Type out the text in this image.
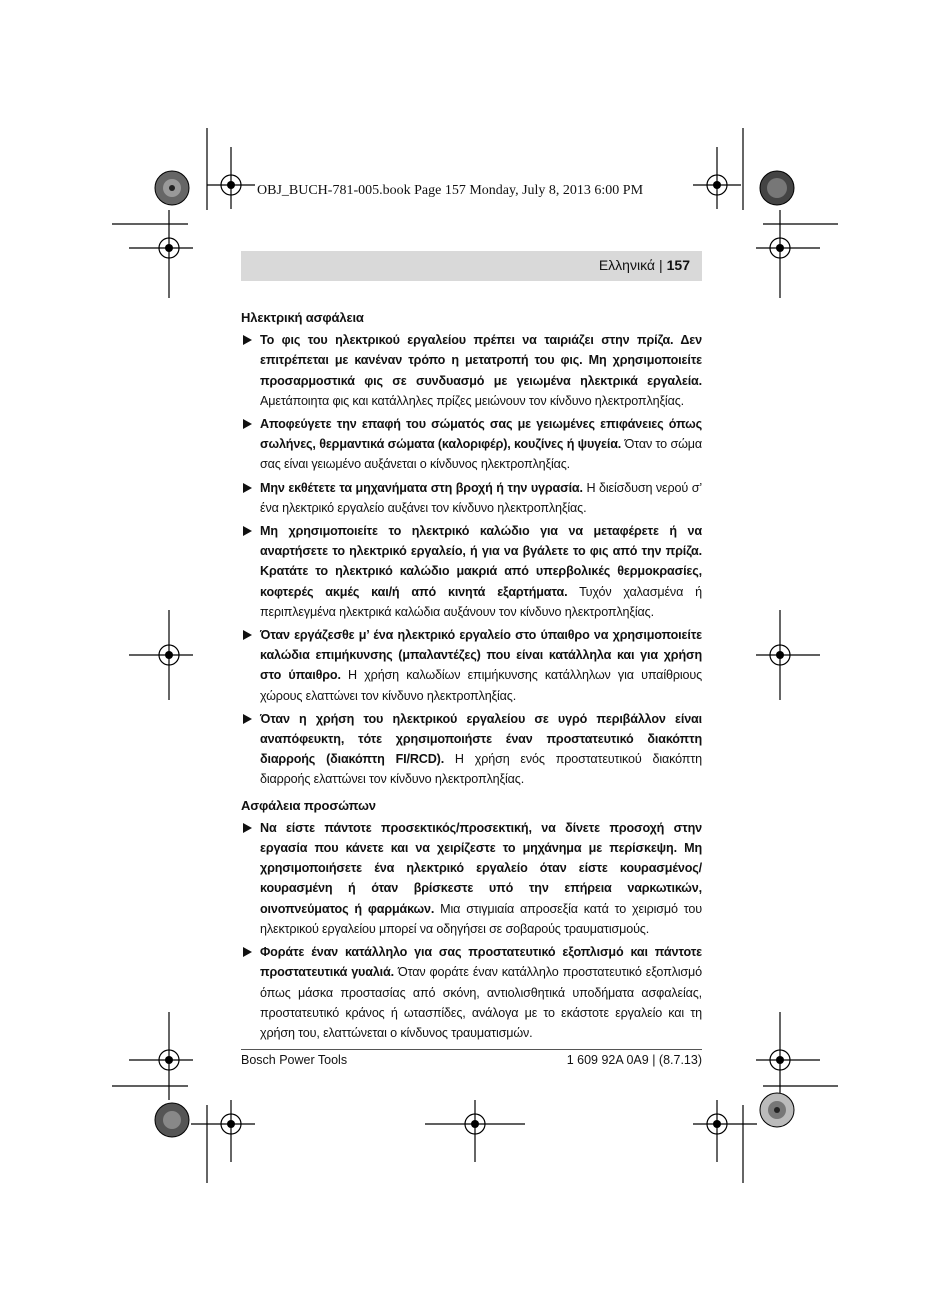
OBJ_BUCH-781-005.book Page 157 Monday, July 8, 2013 6:00 PM
Ελληνικά | 157
Ηλεκτρική ασφάλεια
Το φις του ηλεκτρικού εργαλείου πρέπει να ταιριάζει στην πρίζα. Δεν επιτρέπεται με κανέναν τρόπο η μετατροπή του φις. Μη χρησιμοποιείτε προσαρμοστικά φις σε συνδυασμό με γειωμένα ηλεκτρικά εργαλεία. Αμετάποιητα φις και κατάλληλες πρίζες μειώνουν τον κίνδυνο ηλεκτροπληξίας.
Αποφεύγετε την επαφή του σώματός σας με γειωμένες επιφάνειες όπως σωλήνες, θερμαντικά σώματα (καλοριφέρ), κουζίνες ή ψυγεία. Όταν το σώμα σας είναι γειωμένο αυξάνεται ο κίνδυνος ηλεκτροπληξίας.
Μην εκθέτετε τα μηχανήματα στη βροχή ή την υγρασία. Η διείσδυση νερού σ’ ένα ηλεκτρικό εργαλείο αυξάνει τον κίνδυνο ηλεκτροπληξίας.
Μη χρησιμοποιείτε το ηλεκτρικό καλώδιο για να μεταφέρετε ή να αναρτήσετε το ηλεκτρικό εργαλείο, ή για να βγάλετε το φις από την πρίζα. Κρατάτε το ηλεκτρικό καλώδιο μακριά από υπερβολικές θερμοκρασίες, κοφτερές ακμές και/ή από κινητά εξαρτήματα. Τυχόν χαλασμένα ή περιπλεγμένα ηλεκτρικά καλώδια αυξάνουν τον κίνδυνο ηλεκτροπληξίας.
Όταν εργάζεσθε μ’ ένα ηλεκτρικό εργαλείο στο ύπαιθρο να χρησιμοποιείτε καλώδια επιμήκυνσης (μπαλαντέζες) που είναι κατάλληλα και για χρήση στο ύπαιθρο. Η χρήση καλωδίων επιμήκυνσης κατάλληλων για υπαίθριους χώρους ελαττώνει τον κίνδυνο ηλεκτροπληξίας.
Όταν η χρήση του ηλεκτρικού εργαλείου σε υγρό περιβάλλον είναι αναπόφευκτη, τότε χρησιμοποιήστε έναν προστατευτικό διακόπτη διαρροής (διακόπτη FI/RCD). Η χρήση ενός προστατευτικού διακόπτη διαρροής ελαττώνει τον κίνδυνο ηλεκτροπληξίας.
Ασφάλεια προσώπων
Να είστε πάντοτε προσεκτικός/προσεκτική, να δίνετε προσοχή στην εργασία που κάνετε και να χειρίζεστε το μηχάνημα με περίσκεψη. Μη χρησιμοποιήσετε ένα ηλεκτρικό εργαλείο όταν είστε κουρασμένος/κουρασμένη ή όταν βρίσκεστε υπό την επήρεια ναρκωτικών, οινοπνεύματος ή φαρμάκων. Μια στιγμιαία απροσεξία κατά το χειρισμό του ηλεκτρικού εργαλείου μπορεί να οδηγήσει σε σοβαρούς τραυματισμούς.
Φοράτε έναν κατάλληλο για σας προστατευτικό εξοπλισμό και πάντοτε προστατευτικά γυαλιά. Όταν φοράτε έναν κατάλληλο προστατευτικό εξοπλισμό όπως μάσκα προστασίας από σκόνη, αντιολισθητικά υποδήματα ασφαλείας, προστατευτικό κράνος ή ωτασπίδες, ανάλογα με το εκάστοτε εργαλείο και τη χρήση του, ελαττώνεται ο κίνδυνος τραυματισμών.
Bosch Power Tools	1 609 92A 0A9 | (8.7.13)
